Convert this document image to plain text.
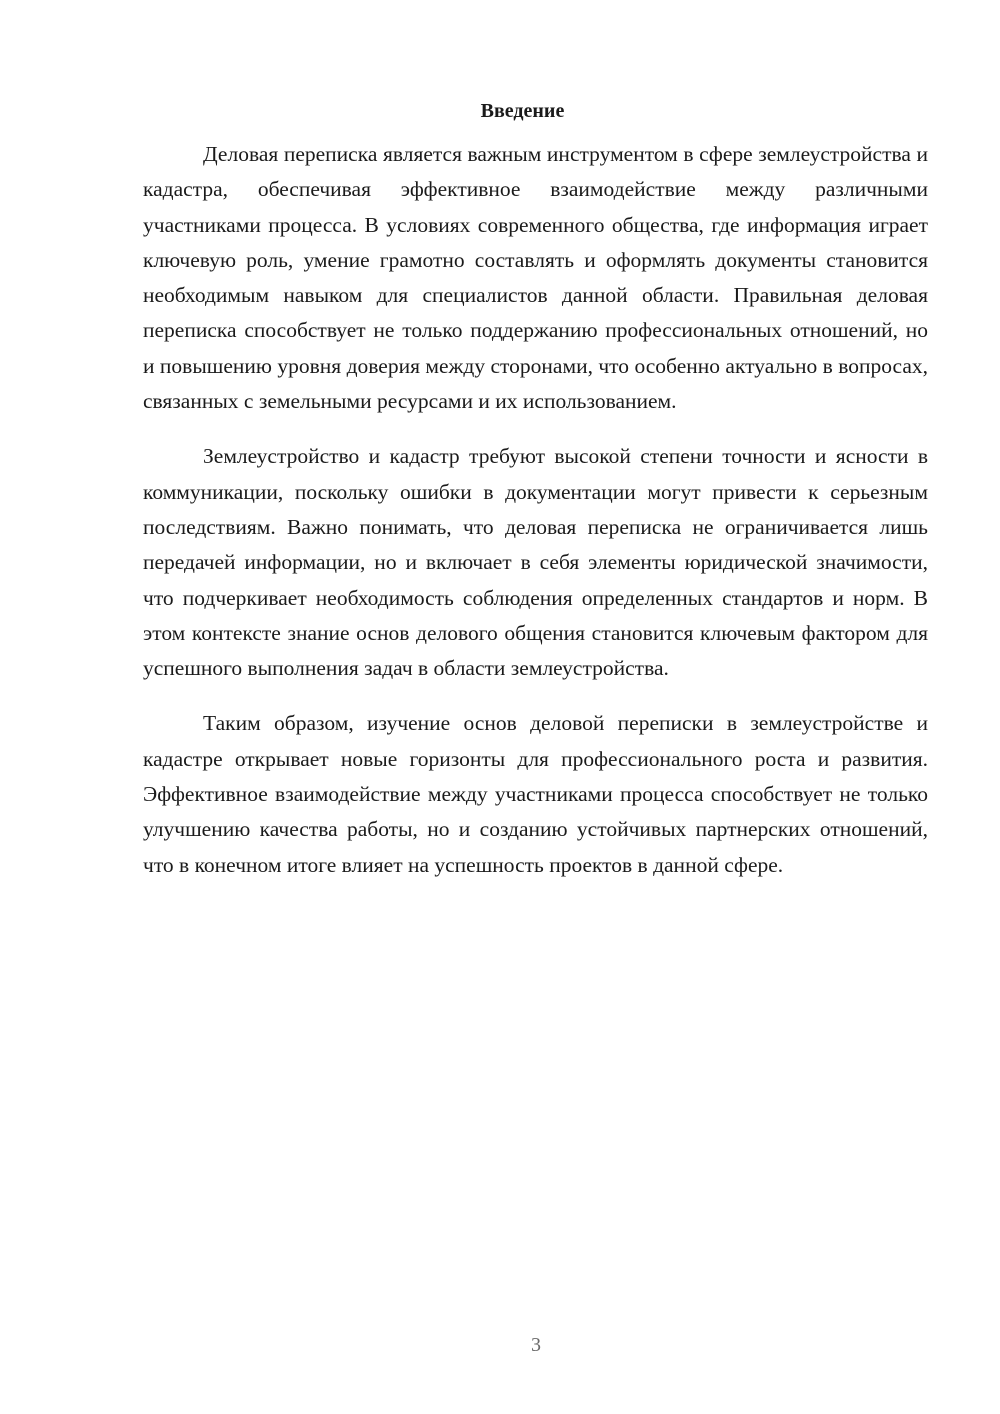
Введение

Деловая переписка является важным инструментом в сфере землеустройства и кадастра, обеспечивая эффективное взаимодействие между различными участниками процесса. В условиях современного общества, где информация играет ключевую роль, умение грамотно составлять и оформлять документы становится необходимым навыком для специалистов данной области. Правильная деловая переписка способствует не только поддержанию профессиональных отношений, но и повышению уровня доверия между сторонами, что особенно актуально в вопросах, связанных с земельными ресурсами и их использованием.

Землеустройство и кадастр требуют высокой степени точности и ясности в коммуникации, поскольку ошибки в документации могут привести к серьезным последствиям. Важно понимать, что деловая переписка не ограничивается лишь передачей информации, но и включает в себя элементы юридической значимости, что подчеркивает необходимость соблюдения определенных стандартов и норм. В этом контексте знание основ делового общения становится ключевым фактором для успешного выполнения задач в области землеустройства.

Таким образом, изучение основ деловой переписки в землеустройстве и кадастре открывает новые горизонты для профессионального роста и развития. Эффективное взаимодействие между участниками процесса способствует не только улучшению качества работы, но и созданию устойчивых партнерских отношений, что в конечном итоге влияет на успешность проектов в данной сфере.

3
